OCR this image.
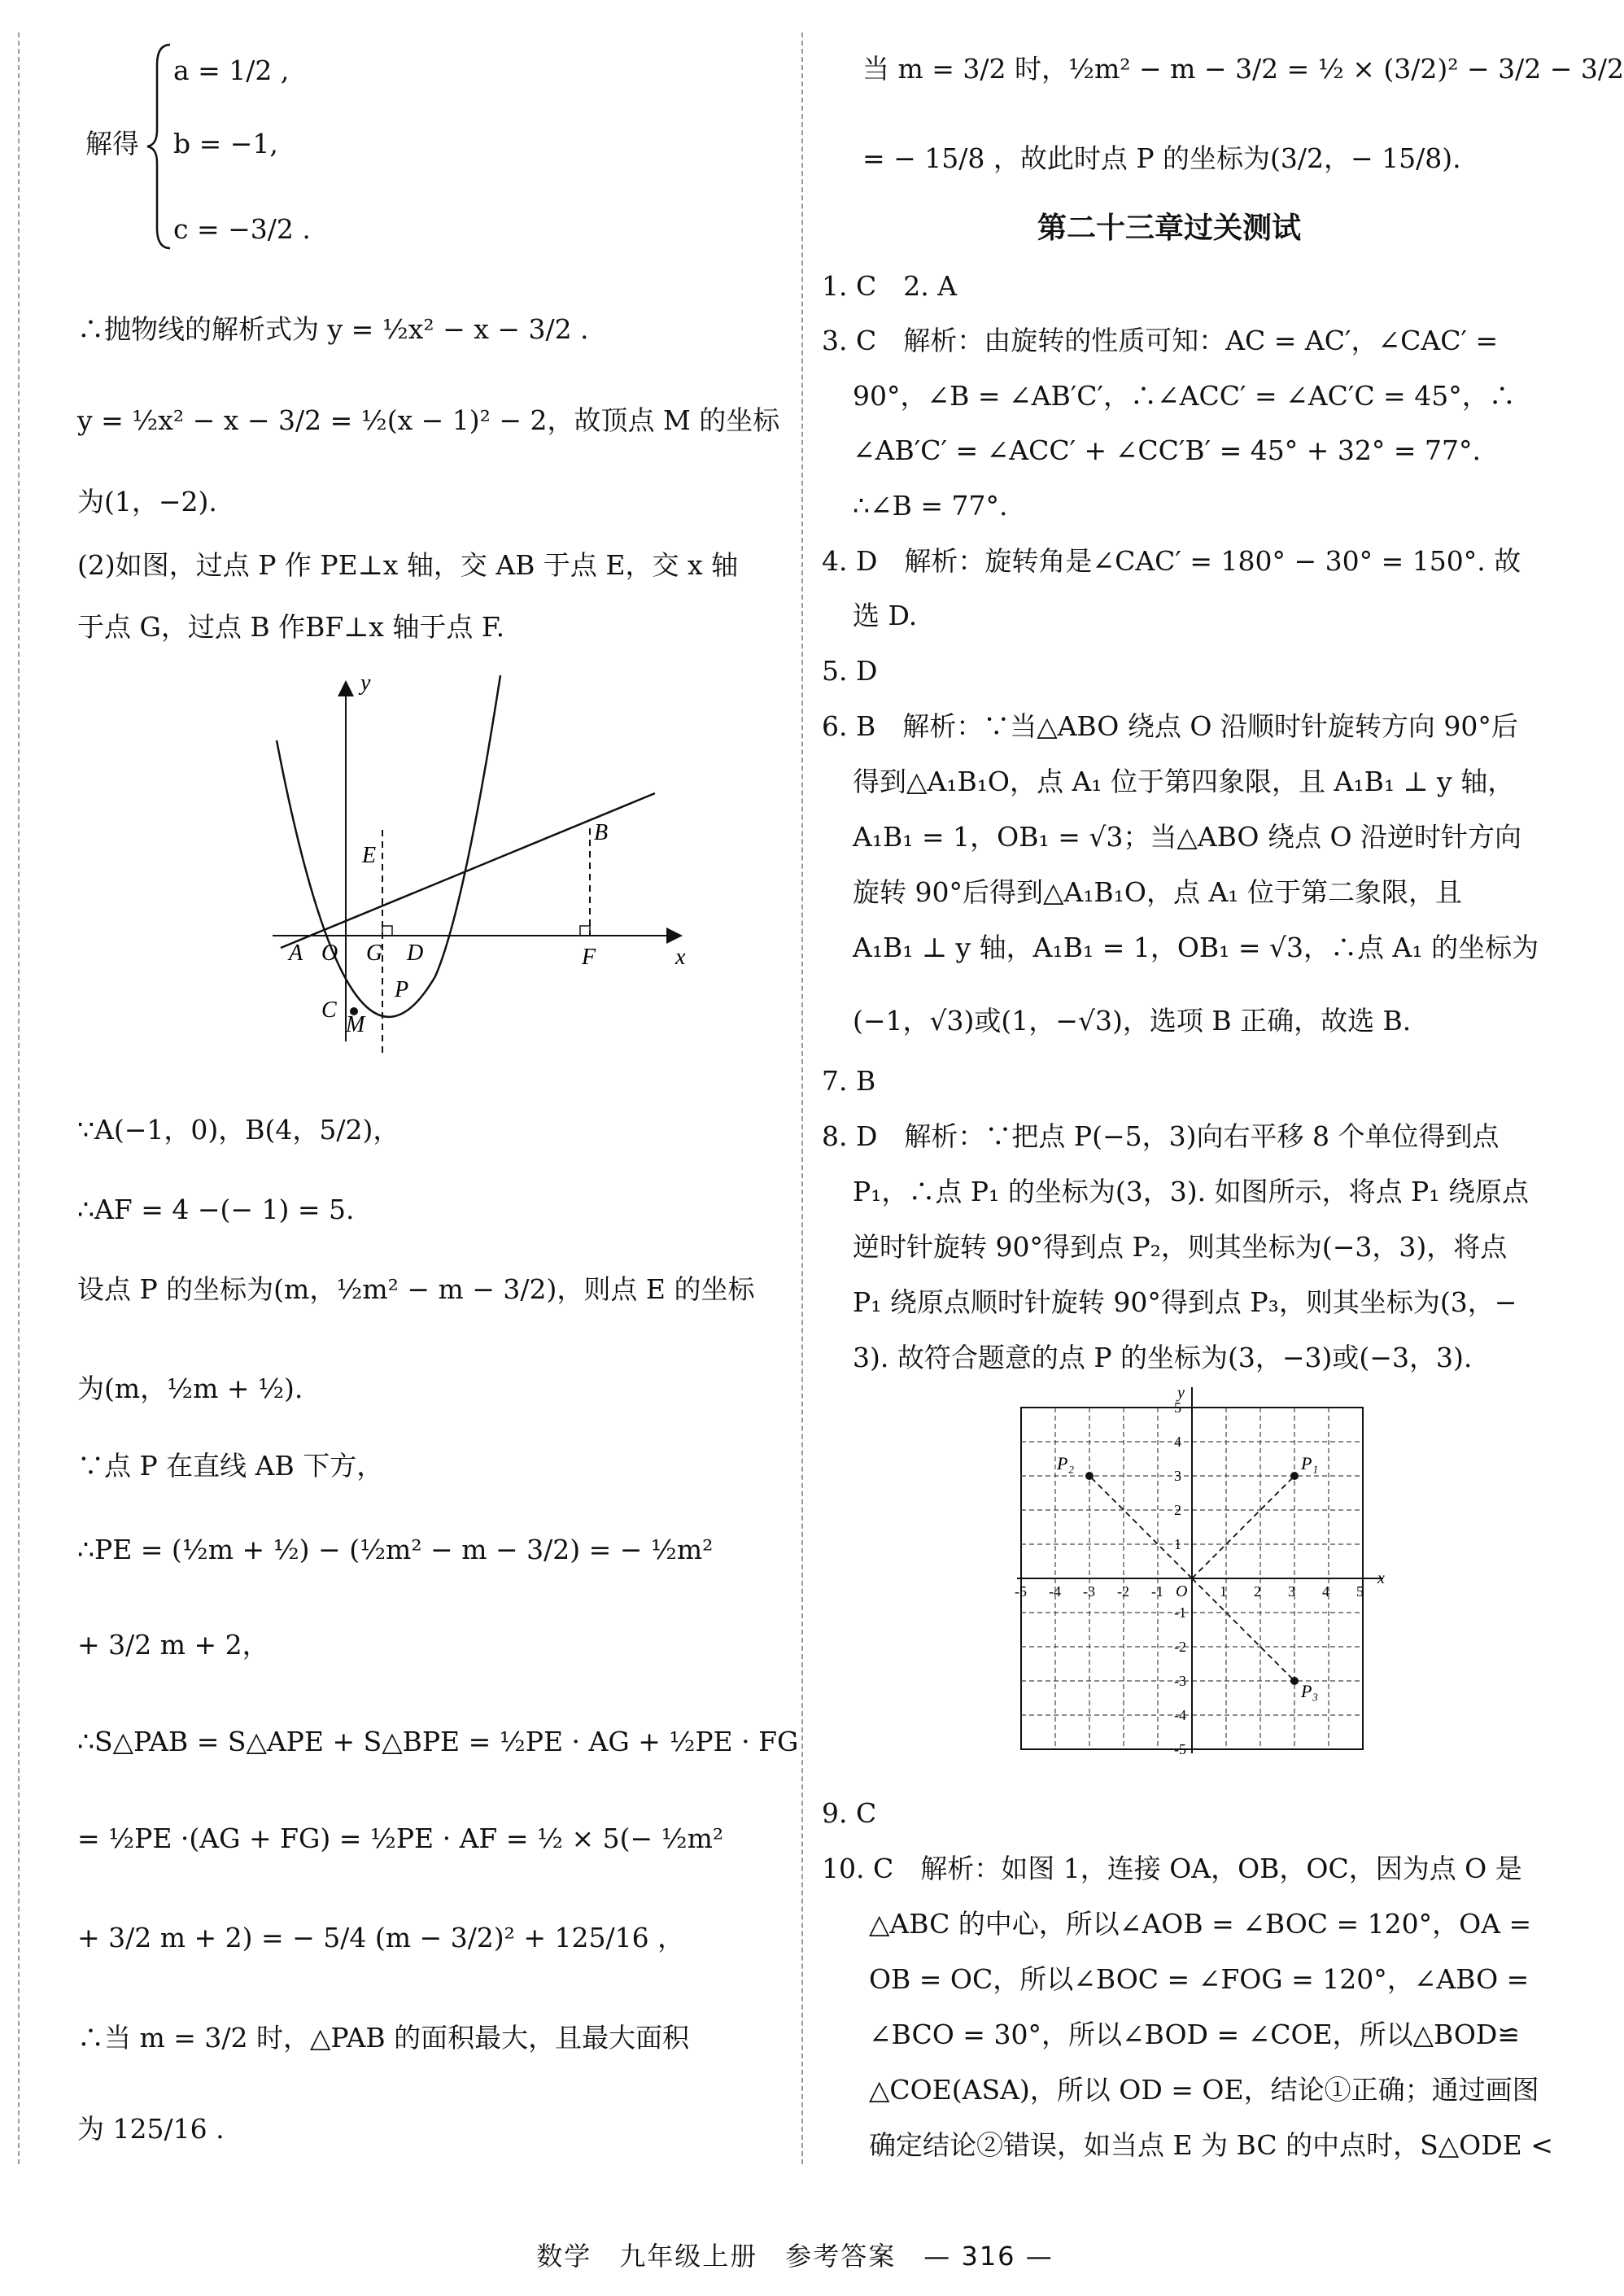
解得
a = 1/2 ,
b = −1,
c = −3/2 .
∴抛物线的解析式为 y = ½x² − x − 3/2 .
y = ½x² − x − 3/2 = ½(x − 1)² − 2，故顶点 M 的坐标
为(1，−2).
(2)如图，过点 P 作 PE⊥x 轴，交 AB 于点 E，交 x 轴
于点 G，过点 B 作BF⊥x 轴于点 F.
y
x
A O G D	F
E
B
C
M
P
∵A(−1，0)，B(4，5/2)，
∴AF = 4 −(− 1) = 5.
设点 P 的坐标为(m，½m² − m − 3/2)，则点 E 的坐标
为(m，½m + ½).
∵点 P 在直线 AB 下方，
∴PE = (½m + ½) − (½m² − m − 3/2) = − ½m²
+ 3/2 m + 2，
∴S△PAB = S△APE + S△BPE = ½PE · AG + ½PE · FG
= ½PE ·(AG + FG) = ½PE · AF = ½ × 5(− ½m²
+ 3/2 m + 2) = − 5/4 (m − 3/2)² + 125/16 ，
∴当 m = 3/2 时，△PAB 的面积最大，且最大面积
为 125/16 .
当 m = 3/2 时，½m² − m − 3/2 = ½ × (3/2)² − 3/2 − 3/2
= − 15/8 ，故此时点 P 的坐标为(3/2，− 15/8).
第二十三章过关测试
1. C　2. A
3. C　解析：由旋转的性质可知：AC = AC′，∠CAC′ =
90°，∠B = ∠AB′C′，∴∠ACC′ = ∠AC′C = 45°，∴
∠AB′C′ = ∠ACC′ + ∠CC′B′ = 45° + 32° = 77°.
∴∠B = 77°.
4. D　解析：旋转角是∠CAC′ = 180° − 30° = 150°. 故
选 D.
5. D
6. B　解析：∵当△ABO 绕点 O 沿顺时针旋转方向 90°后
得到△A₁B₁O，点 A₁ 位于第四象限，且 A₁B₁ ⊥ y 轴，
A₁B₁ = 1，OB₁ = √3；当△ABO 绕点 O 沿逆时针方向
旋转 90°后得到△A₁B₁O，点 A₁ 位于第二象限，且
A₁B₁ ⊥ y 轴，A₁B₁ = 1，OB₁ = √3，∴点 A₁ 的坐标为
(−1，√3)或(1，−√3)，选项 B 正确，故选 B.
7. B
8. D　解析：∵把点 P(−5，3)向右平移 8 个单位得到点
P₁，∴点 P₁ 的坐标为(3，3). 如图所示，将点 P₁ 绕原点
逆时针旋转 90°得到点 P₂，则其坐标为(−3，3)，将点
P₁ 绕原点顺时针旋转 90°得到点 P₃，则其坐标为(3，−
3). 故符合题意的点 P 的坐标为(3，−3)或(−3，3).
x
y
O
-5
-5
-4
-4
-3
-3
-2
-2
-1
-1
1
1
2
2
3
3
4
4
5
5
P₁
P₂
P₃
9. C
10. C　解析：如图 1，连接 OA，OB，OC，因为点 O 是
△ABC 的中心，所以∠AOB = ∠BOC = 120°，OA =
OB = OC，所以∠BOC = ∠FOG = 120°，∠ABO =
∠BCO = 30°，所以∠BOD = ∠COE，所以△BOD≌
△COE(ASA)，所以 OD = OE，结论①正确；通过画图
确定结论②错误，如当点 E 为 BC 的中点时，S△ODE <
数学　九年级上册　参考答案　— 316 —
